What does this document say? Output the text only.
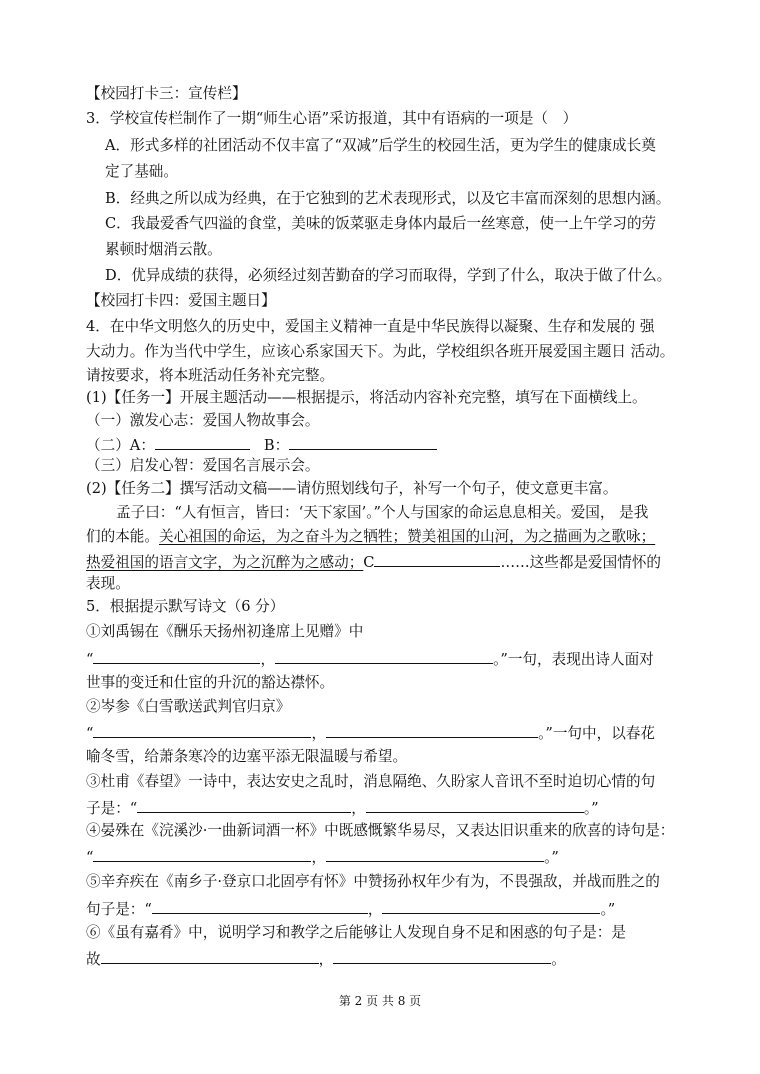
【校园打卡三：宣传栏】
3．学校宣传栏制作了一期“师生心语”采访报道，其中有语病的一项是（　）
A．形式多样的社团活动不仅丰富了“双减”后学生的校园生活，更为学生的健康成长奠
定了基础。
B．经典之所以成为经典，在于它独到的艺术表现形式，以及它丰富而深刻的思想内涵。
C．我最爱香气四溢的食堂，美味的饭菜驱走身体内最后一丝寒意，使一上午学习的劳
累顿时烟消云散。
D．优异成绩的获得，必须经过刻苦勤奋的学习而取得，学到了什么，取决于做了什么。
【校园打卡四：爱国主题日】
4．在中华文明悠久的历史中，爱国主义精神一直是中华民族得以凝聚、生存和发展的 强
大动力。作为当代中学生，应该心系家国天下。为此，学校组织各班开展爱国主题日 活动。
请按要求，将本班活动任务补充完整。
(1)【任务一】开展主题活动——根据提示，将活动内容补充完整，填写在下面横线上。
（一）激发心志：爱国人物故事会。
（二）A：	B：
（三）启发心智：爱国名言展示会。
(2)【任务二】撰写活动文稿——请仿照划线句子，补写一个句子，使文意更丰富。
孟子曰：“人有恒言，皆曰：‘天下家国’。”个人与国家的命运息息相关。爱国， 是我
们的本能。关心祖国的命运，为之奋斗为之牺牲；赞美祖国的山河，为之描画为之歌咏；
热爱祖国的语言文字，为之沉醉为之感动；C	……这些都是爱国情怀的
表现。
5．根据提示默写诗文（6 分）
①刘禹锡在《酬乐天扬州初逢席上见赠》中
“	，	。”一句，表现出诗人面对
世事的变迁和仕宦的升沉的豁达襟怀。
②岑参《白雪歌送武判官归京》
“	，	。”一句中，以春花
喻冬雪，给萧条寒冷的边塞平添无限温暖与希望。
③杜甫《春望》一诗中，表达安史之乱时，消息隔绝、久盼家人音讯不至时迫切心情的句
子是：“	，	。”
④晏殊在《浣溪沙·一曲新词酒一杯》中既感慨繁华易尽，又表达旧识重来的欣喜的诗句是：
“	，	。”
⑤辛弃疾在《南乡子·登京口北固亭有怀》中赞扬孙权年少有为，不畏强敌，并战而胜之的
句子是：“	，	。”
⑥《虽有嘉肴》中，说明学习和教学之后能够让人发现自身不足和困惑的句子是：是
故	，	。
第 2 页 共 8 页
